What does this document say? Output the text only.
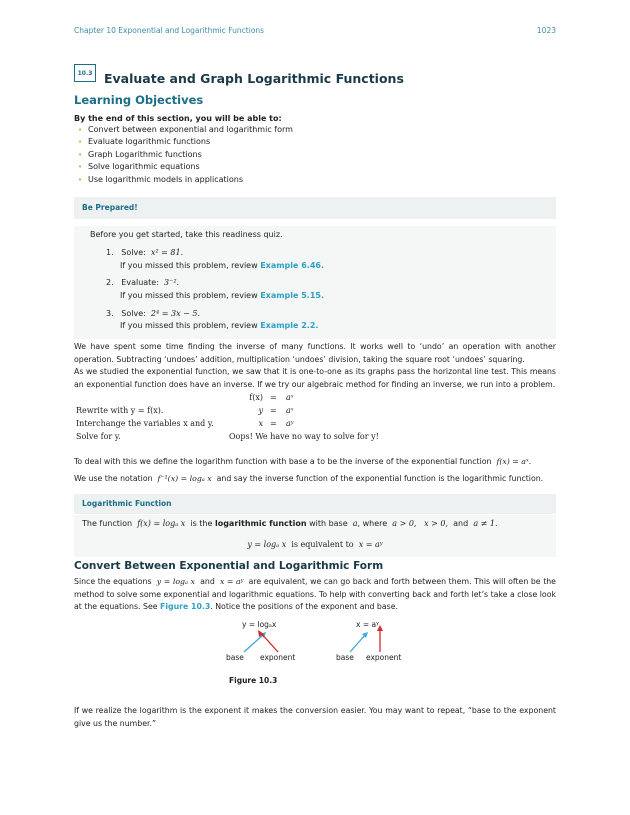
Chapter 10 Exponential and Logarithmic Functions	1023
10.3 Evaluate and Graph Logarithmic Functions
Learning Objectives
By the end of this section, you will be able to:
• Convert between exponential and logarithmic form
• Evaluate logarithmic functions
• Graph Logarithmic functions
• Solve logarithmic equations
• Use logarithmic models in applications
Be Prepared!
Before you get started, take this readiness quiz.
1. Solve: x² = 81.
If you missed this problem, review Example 6.46.
2. Evaluate: 3⁻².
If you missed this problem, review Example 5.15.
3. Solve: 2⁴ = 3x − 5.
If you missed this problem, review Example 2.2.
We have spent some time finding the inverse of many functions. It works well to ‘undo’ an operation with another operation. Subtracting ‘undoes’ addition, multiplication ‘undoes’ division, taking the square root ‘undoes’ squaring.
As we studied the exponential function, we saw that it is one-to-one as its graphs pass the horizontal line test. This means an exponential function does have an inverse. If we try our algebraic method for finding an inverse, we run into a problem.
f(x) = aˣ
Rewrite with y = f(x).	y = aˣ
Interchange the variables x and y.	x = aʸ
Solve for y.	Oops! We have no way to solve for y!
To deal with this we define the logarithm function with base a to be the inverse of the exponential function f(x) = aˣ.
We use the notation f⁻¹(x) = logₐ x and say the inverse function of the exponential function is the logarithmic function.
Logarithmic Function
The function f(x) = logₐ x is the logarithmic function with base a, where a > 0, x > 0, and a ≠ 1.
y = logₐ x is equivalent to x = aʸ
Convert Between Exponential and Logarithmic Form
Since the equations y = logₐ x and x = aʸ are equivalent, we can go back and forth between them. This will often be the method to solve some exponential and logarithmic equations. To help with converting back and forth let’s take a close look at the equations. See Figure 10.3. Notice the positions of the exponent and base.
y = logₐx	x = aʸ
base exponent	base exponent
Figure 10.3
If we realize the logarithm is the exponent it makes the conversion easier. You may want to repeat, “base to the exponent give us the number.”
